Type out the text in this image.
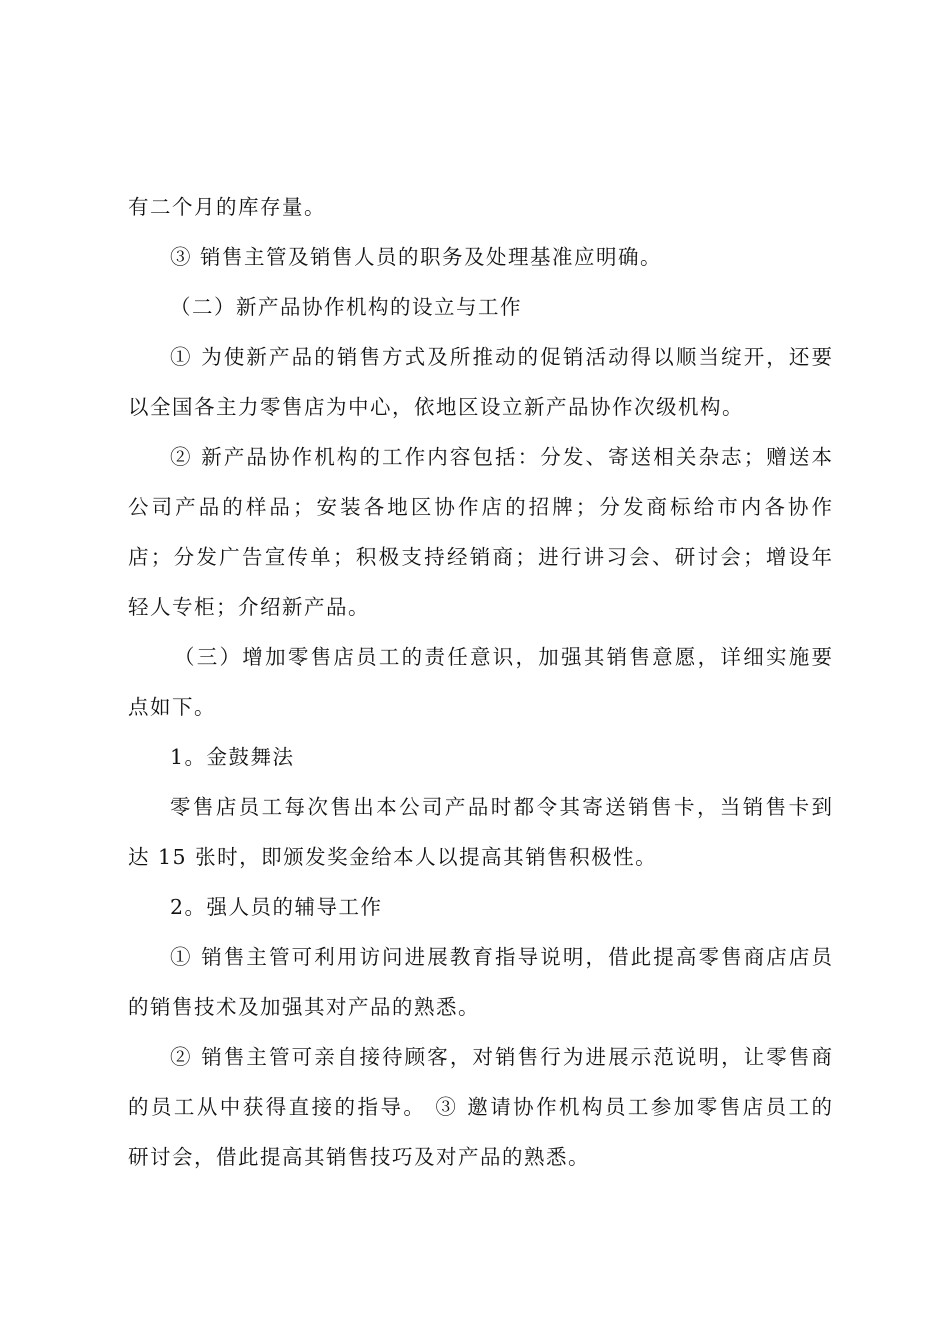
有二个月的库存量。
③ 销售主管及销售人员的职务及处理基准应明确。
（二）新产品协作机构的设立与工作
① 为使新产品的销售方式及所推动的促销活动得以顺当绽开，还要
以全国各主力零售店为中心，依地区设立新产品协作次级机构。
② 新产品协作机构的工作内容包括：分发、寄送相关杂志；赠送本
公司产品的样品；安装各地区协作店的招牌；分发商标给市内各协作
店；分发广告宣传单；积极支持经销商；进行讲习会、研讨会；增设年
轻人专柜；介绍新产品。
（三）增加零售店员工的责任意识，加强其销售意愿，详细实施要
点如下。
1。金鼓舞法
零售店员工每次售出本公司产品时都令其寄送销售卡，当销售卡到
达 15 张时，即颁发奖金给本人以提高其销售积极性。
2。强人员的辅导工作
① 销售主管可利用访问进展教育指导说明，借此提高零售商店店员
的销售技术及加强其对产品的熟悉。
② 销售主管可亲自接待顾客，对销售行为进展示范说明，让零售商
的员工从中获得直接的指导。 ③ 邀请协作机构员工参加零售店员工的
研讨会，借此提高其销售技巧及对产品的熟悉。
